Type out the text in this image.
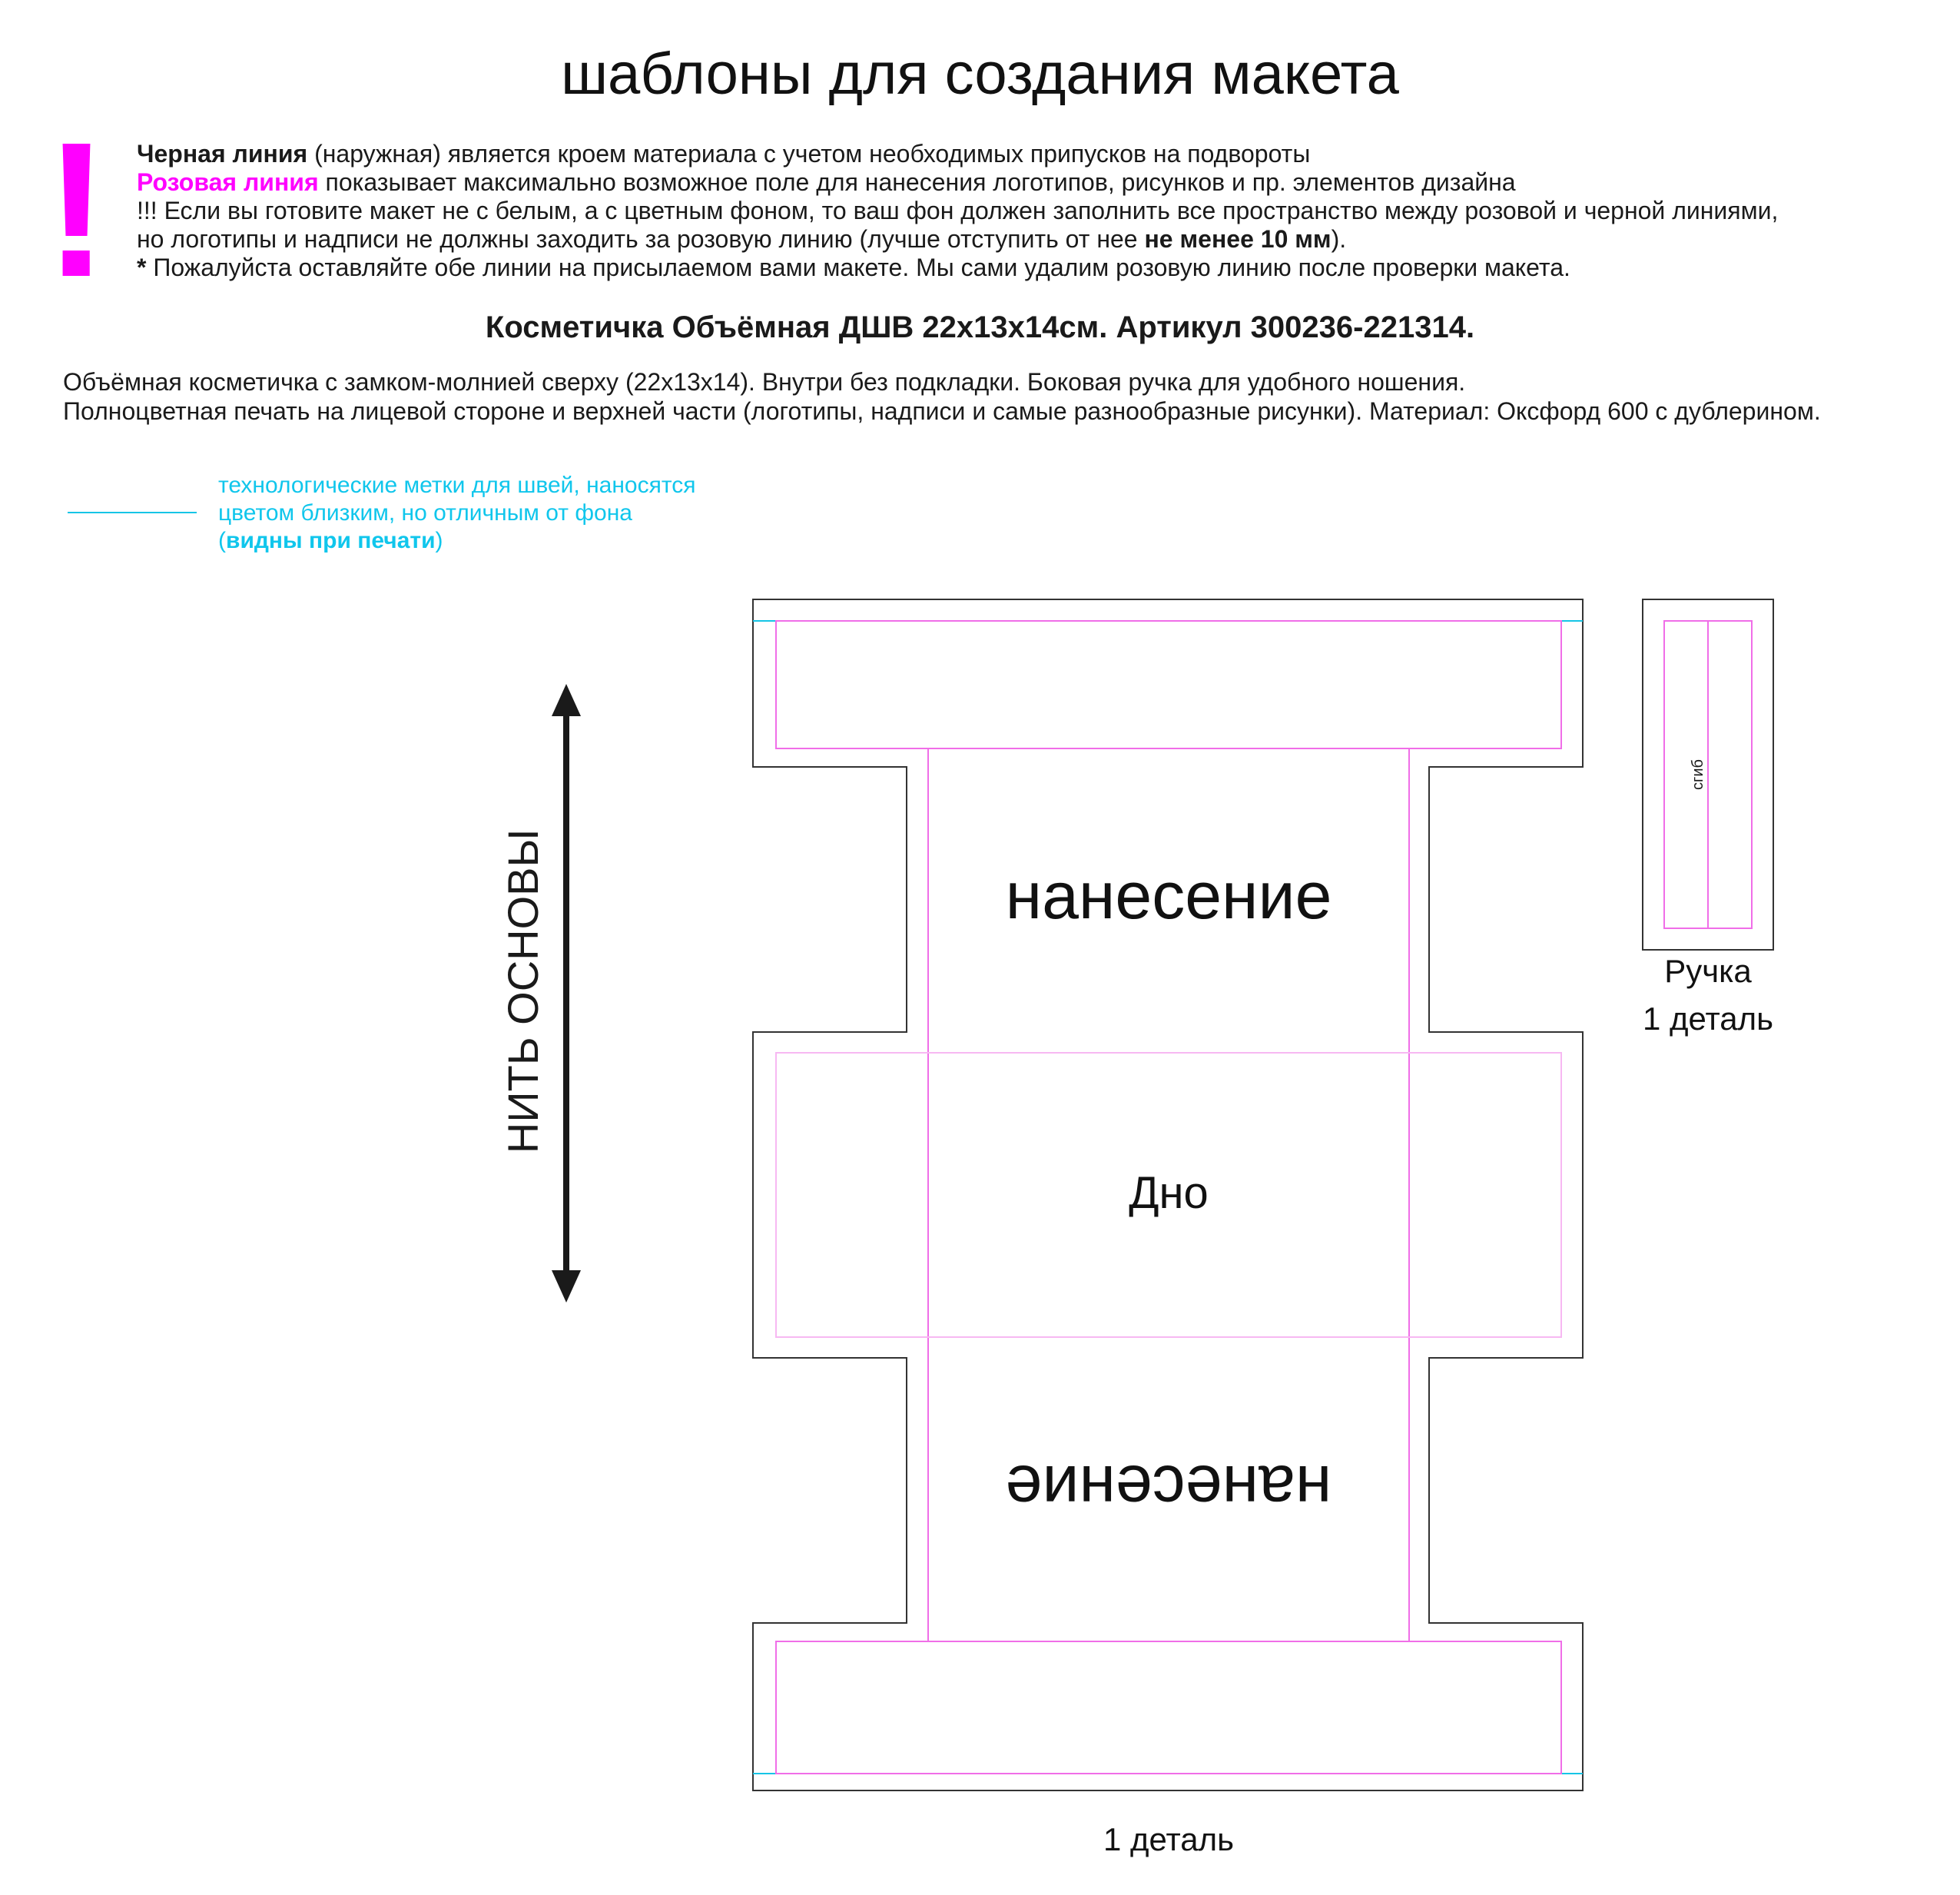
шаблоны для создания макета
! Черная линия (наружная) является кроем материала с учетом необходимых припусков на подвороты
Розовая линия показывает максимально возможное поле для нанесения логотипов, рисунков и пр. элементов дизайна
!!! Если вы готовите макет не с белым, а с цветным фоном, то ваш фон должен заполнить все пространство между розовой и черной линиями,
но логотипы и надписи не должны заходить за розовую линию (лучше отступить от нее не менее 10 мм).
* Пожалуйста оставляйте обе линии на присылаемом вами макете. Мы сами удалим розовую линию после проверки макета.
Косметичка Объёмная ДШВ 22х13х14см. Артикул 300236-221314.
Объёмная косметичка с замком-молнией сверху (22х13х14). Внутри без подкладки. Боковая ручка для удобного ношения.
Полноцветная печать на лицевой стороне и верхней части (логотипы, надписи и самые разнообразные рисунки). Материал: Оксфорд 600 с дублерином.
технологические метки для швей, наносятся
цветом близким, но отличным от фона
(видны при печати)
НИТЬ ОСНОВЫ	нанесение
Дно
нанесение
1 деталь
сгиб
Ручка
1 деталь
